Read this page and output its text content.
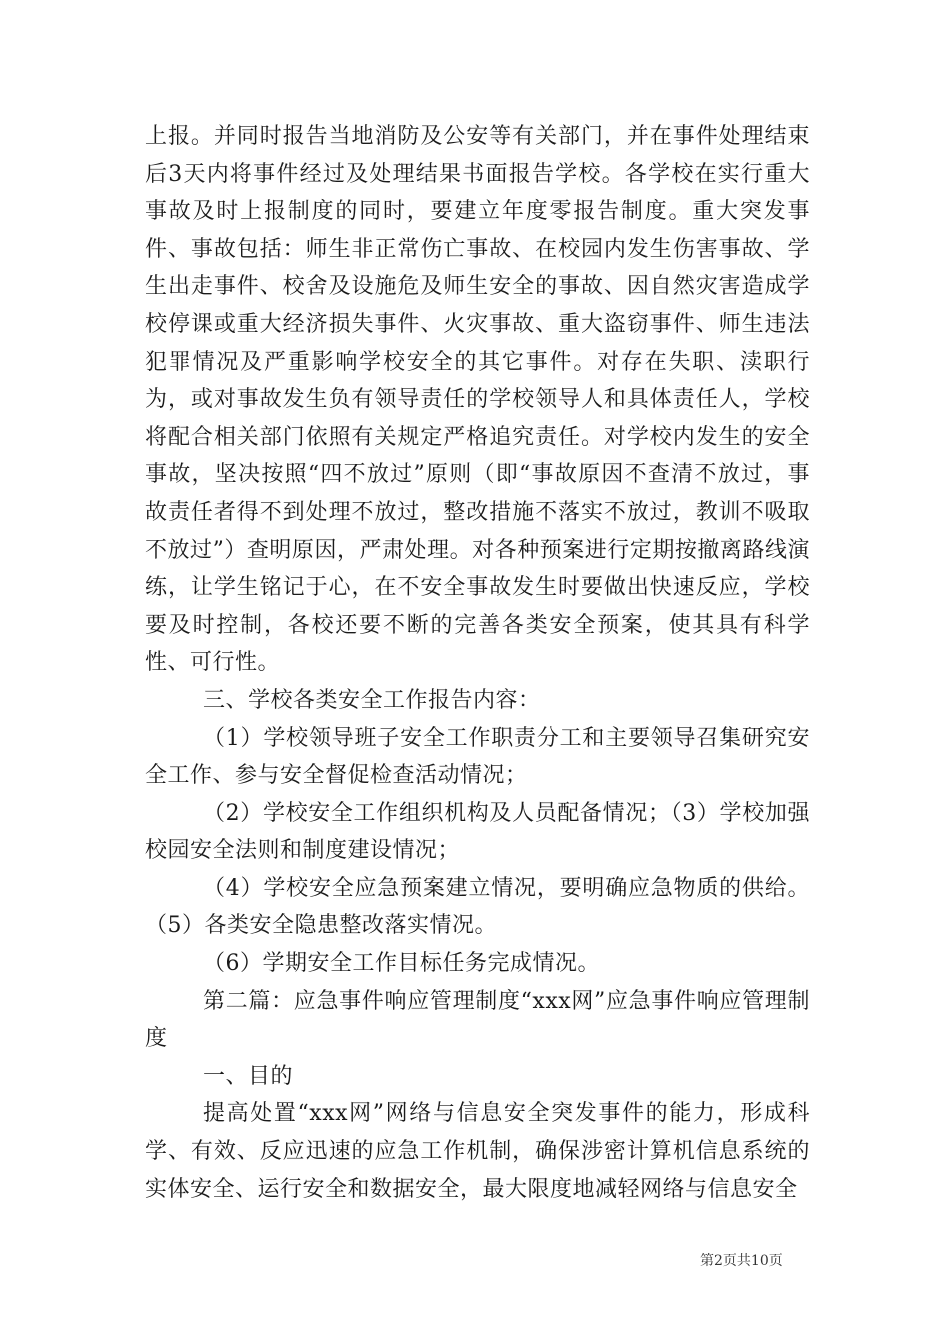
上报。并同时报告当地消防及公安等有关部门，并在事件处理结束后3天内将事件经过及处理结果书面报告学校。各学校在实行重大事故及时上报制度的同时，要建立年度零报告制度。重大突发事件、事故包括：师生非正常伤亡事故、在校园内发生伤害事故、学生出走事件、校舍及设施危及师生安全的事故、因自然灾害造成学校停课或重大经济损失事件、火灾事故、重大盗窃事件、师生违法犯罪情况及严重影响学校安全的其它事件。对存在失职、渎职行为，或对事故发生负有领导责任的学校领导人和具体责任人，学校将配合相关部门依照有关规定严格追究责任。对学校内发生的安全事故，坚决按照“四不放过”原则（即“事故原因不查清不放过，事故责任者得不到处理不放过，整改措施不落实不放过，教训不吸取不放过”）查明原因，严肃处理。对各种预案进行定期按撤离路线演练，让学生铭记于心，在不安全事故发生时要做出快速反应，学校要及时控制，各校还要不断的完善各类安全预案，使其具有科学性、可行性。

三、学校各类安全工作报告内容：

（1）学校领导班子安全工作职责分工和主要领导召集研究安全工作、参与安全督促检查活动情况；

（2）学校安全工作组织机构及人员配备情况；（3）学校加强校园安全法则和制度建设情况；

（4）学校安全应急预案建立情况，要明确应急物质的供给。（5）各类安全隐患整改落实情况。

（6）学期安全工作目标任务完成情况。

第二篇：应急事件响应管理制度“xxx网”应急事件响应管理制度

一、目的

提高处置“xxx网”网络与信息安全突发事件的能力，形成科学、有效、反应迅速的应急工作机制，确保涉密计算机信息系统的实体安全、运行安全和数据安全，最大限度地减轻网络与信息安全

第2页共10页
